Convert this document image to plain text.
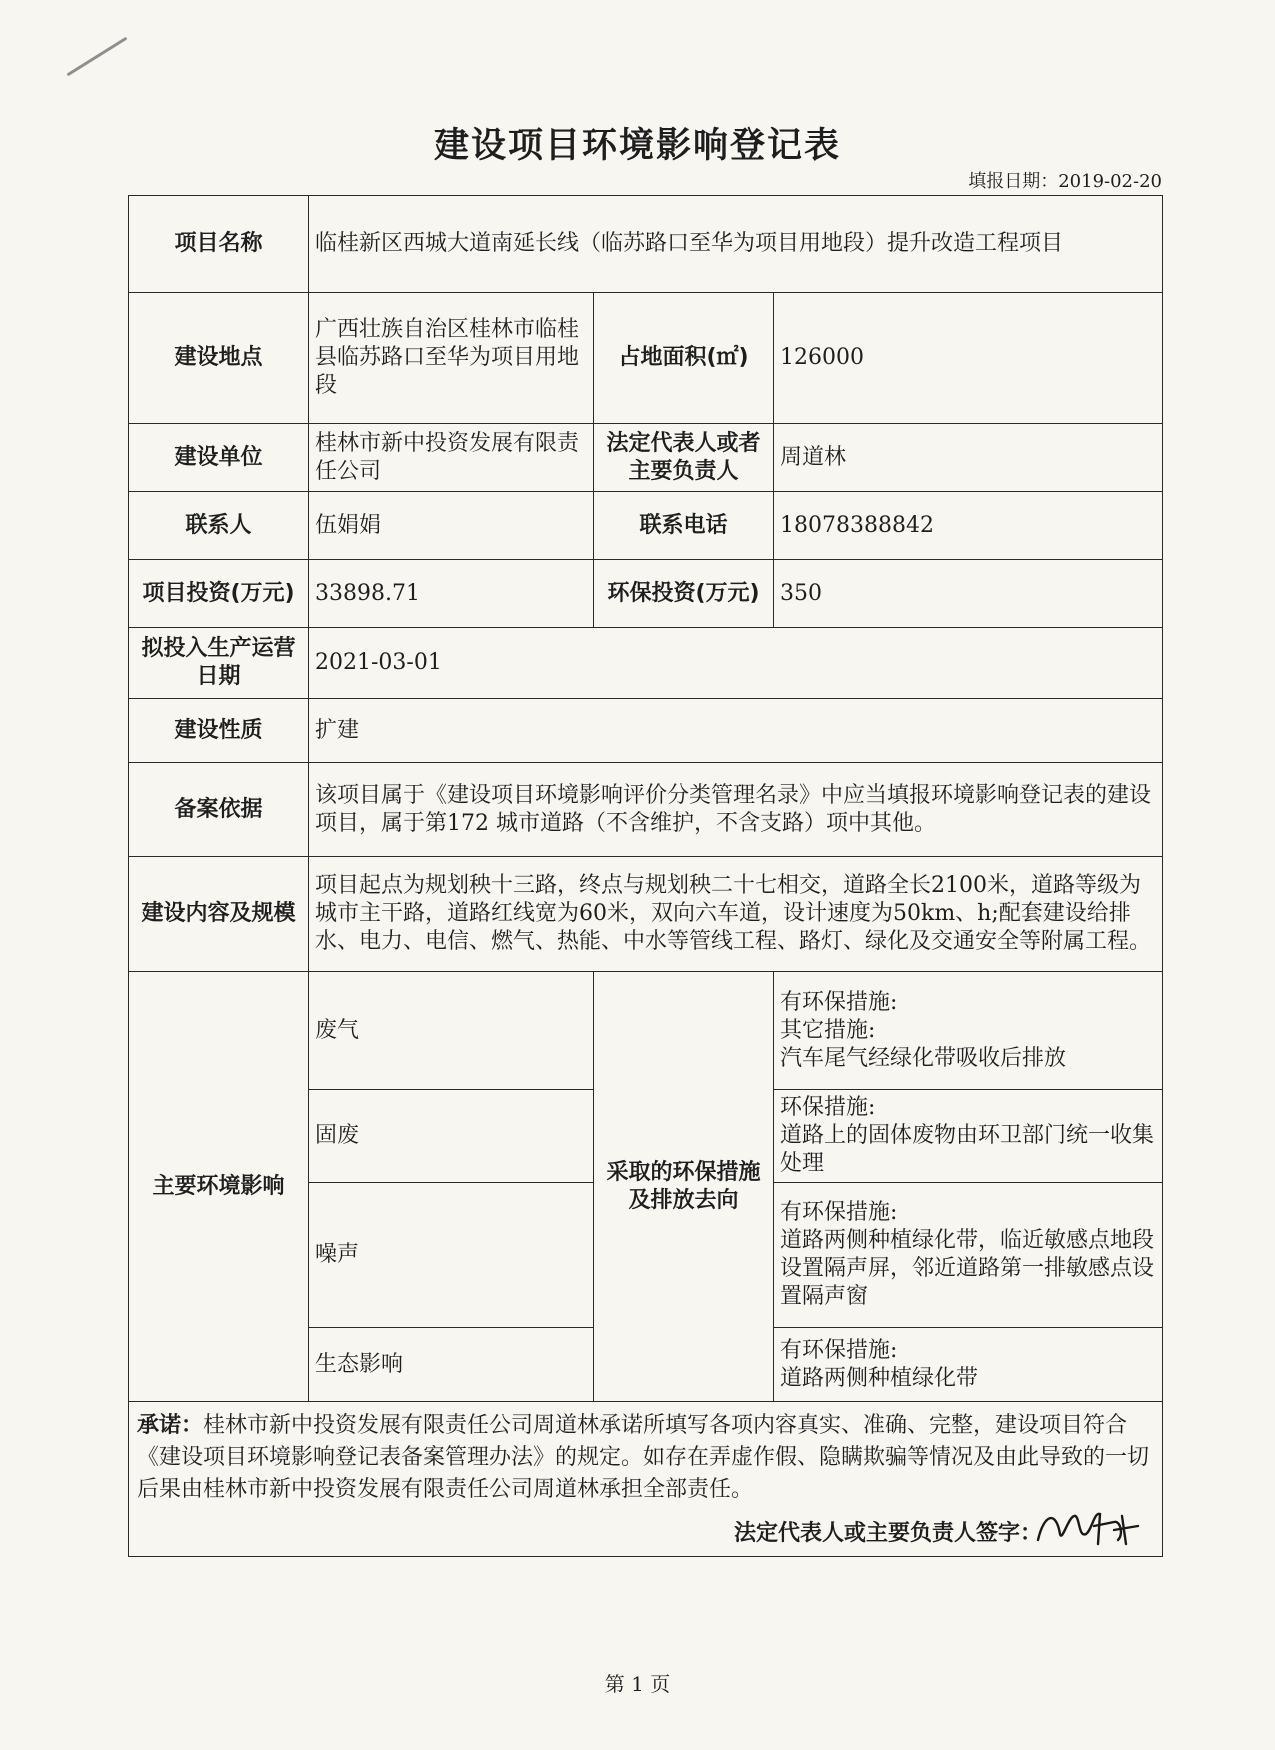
建设项目环境影响登记表
填报日期：2019-02-20
项目名称	临桂新区西城大道南延长线（临苏路口至华为项目用地段）提升改造工程项目		
建设地点	广西壮族自治区桂林市临桂县临苏路口至华为项目用地段	占地面积(㎡)	126000
建设单位	桂林市新中投资发展有限责任公司	法定代表人或者主要负责人	周道林
联系人	伍娟娟	联系电话	18078388842
项目投资(万元)	33898.71	环保投资(万元)	350
拟投入生产运营日期	2021-03-01		
建设性质	扩建		
备案依据	该项目属于《建设项目环境影响评价分类管理名录》中应当填报环境影响登记表的建设项目，属于第172 城市道路（不含维护，不含支路）项中其他。		
建设内容及规模	项目起点为规划秧十三路，终点与规划秧二十七相交，道路全长2100米，道路等级为城市主干路，道路红线宽为60米，双向六车道，设计速度为50km、h;配套建设给排水、电力、电信、燃气、热能、中水等管线工程、路灯、绿化及交通安全等附属工程。		
主要环境影响	废气	采取的环保措施及排放去向	有环保措施:
其它措施:
汽车尾气经绿化带吸收后排放
	固废		环保措施:
道路上的固体废物由环卫部门统一收集处理
	噪声		有环保措施:
道路两侧种植绿化带，临近敏感点地段设置隔声屏，邻近道路第一排敏感点设置隔声窗
	生态影响		有环保措施:
道路两侧种植绿化带

承诺：桂林市新中投资发展有限责任公司周道林承诺所填写各项内容真实、准确、完整，建设项目符合《建设项目环境影响登记表备案管理办法》的规定。如存在弄虚作假、隐瞒欺骗等情况及由此导致的一切后果由桂林市新中投资发展有限责任公司周道林承担全部责任。
法定代表人或主要负责人签字：			
第 1 页
